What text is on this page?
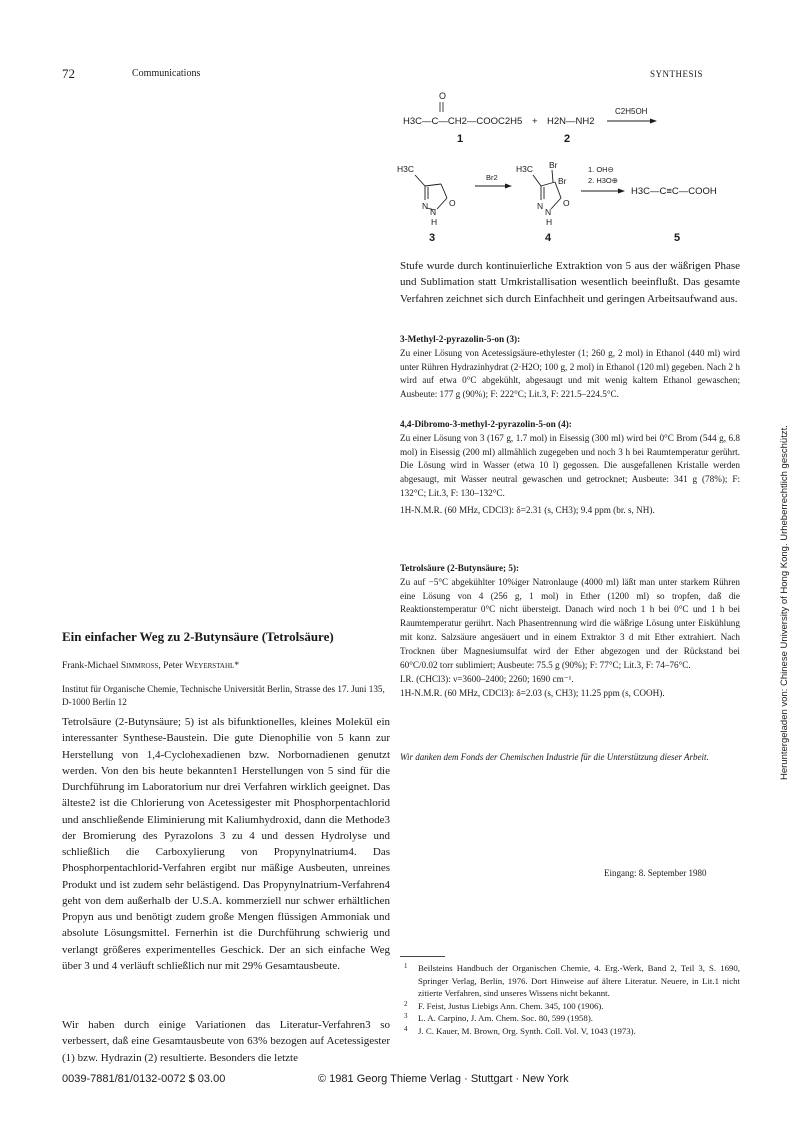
72	Communications	SYNTHESIS
O
H3C—C—CH2—COOC2H5 + H2N—NH2
C2H5OH
1	2
H3C
N
N
O
H
3
Br2
H3C Br
Br
N
N
O
H
4
1. OH⊖
2. H3O⊕
H3C—C≡C—COOH
5
Stufe wurde durch kontinuierliche Extraktion von 5 aus der wäßrigen Phase und Sublimation statt Umkristallisation wesentlich beeinflußt. Das gesamte Verfahren zeichnet sich durch Einfachheit und geringen Arbeitsaufwand aus.
3-Methyl-2-pyrazolin-5-on (3):

Zu einer Lösung von Acetessigsäure-ethylester (1; 260 g, 2 mol) in Ethanol (440 ml) wird unter Rühren Hydrazinhydrat (2·H2O; 100 g, 2 mol) in Ethanol (120 ml) gegeben. Nach 2 h wird auf etwa 0°C abgekühlt, abgesaugt und mit wenig kaltem Ethanol gewaschen; Ausbeute: 177 g (90%); F: 222°C; Lit.3, F: 221.5–224.5°C.

4,4-Dibromo-3-methyl-2-pyrazolin-5-on (4):

Zu einer Lösung von 3 (167 g, 1.7 mol) in Eisessig (300 ml) wird bei 0°C Brom (544 g, 6.8 mol) in Eisessig (200 ml) allmählich zugegeben und noch 3 h bei Raumtemperatur gerührt. Die Lösung wird in Wasser (etwa 10 l) gegossen. Die ausgefallenen Kristalle werden abgesaugt, mit Wasser neutral gewaschen und getrocknet; Ausbeute: 341 g (78%); F: 132°C; Lit.3, F: 130–132°C.

1H-N.M.R. (60 MHz, CDCl3): δ=2.31 (s, CH3); 9.4 ppm (br. s, NH).

Tetrolsäure (2-Butynsäure; 5):

Zu auf −5°C abgekühlter 10%iger Natronlauge (4000 ml) läßt man unter starkem Rühren eine Lösung von 4 (256 g, 1 mol) in Ether (1200 ml) so tropfen, daß die Reaktionstemperatur 0°C nicht übersteigt. Danach wird noch 1 h bei 0°C und 1 h bei Raumtemperatur gerührt. Nach Phasentrennung wird die wäßrige Lösung unter Eiskühlung mit konz. Salzsäure angesäuert und in einem Extraktor 3 d mit Ether extrahiert. Nach Trocknen über Magnesiumsulfat wird der Ether abgezogen und der Rückstand bei 60°C/0.02 torr sublimiert; Ausbeute: 75.5 g (90%); F: 77°C; Lit.3, F: 74–76°C.

I.R. (CHCl3): ν=3600–2400; 2260; 1690 cm⁻¹.

1H-N.M.R. (60 MHz, CDCl3): δ=2.03 (s, CH3); 11.25 ppm (s, COOH).

Wir danken dem Fonds der Chemischen Industrie für die Unterstützung dieser Arbeit.
Eingang: 8. September 1980

1 Beilsteins Handbuch der Organischen Chemie, 4. Erg.-Werk, Band 2, Teil 3, S. 1690, Springer Verlag, Berlin, 1976. Dort Hinweise auf ältere Literatur. Neuere, in Lit.1 nicht zitierte Verfahren, sind unseres Wissens nicht bekannt.

2 F. Feist, Justus Liebigs Ann. Chem. 345, 100 (1906).

3 L. A. Carpino, J. Am. Chem. Soc. 80, 599 (1958).

4 J. C. Kauer, M. Brown, Org. Synth. Coll. Vol. V, 1043 (1973).

Ein einfacher Weg zu 2-Butynsäure (Tetrolsäure)
Frank-Michael Simmross, Peter Weyerstahl*
Institut für Organische Chemie, Technische Universität Berlin, Strasse des 17. Juni 135, D-1000 Berlin 12
Tetrolsäure (2-Butynsäure; 5) ist als bifunktionelles, kleines Molekül ein interessanter Synthese-Baustein. Die gute Dienophilie von 5 kann zur Herstellung von 1,4-Cyclohexadienen bzw. Norbornadienen genutzt werden. Von den bis heute bekannten1 Herstellungen von 5 sind für die Durchführung im Laboratorium nur drei Verfahren wirklich geeignet. Das älteste2 ist die Chlorierung von Acetessigester mit Phosphorpentachlorid und anschließende Eliminierung mit Kaliumhydroxid, dann die Methode3 der Bromierung des Pyrazolons 3 zu 4 und dessen Hydrolyse und schließlich die Carboxylierung von Propynylnatrium4. Das Phosphorpentachlorid-Verfahren ergibt nur mäßige Ausbeuten, unreines Produkt und ist zudem sehr belästigend. Das Propynylnatrium-Verfahren4 geht von dem außerhalb der U.S.A. kommerziell nur schwer erhältlichen Propyn aus und benötigt zudem große Mengen flüssigen Ammoniak und absolute Lösungsmittel. Fernerhin ist die Durchführung schwierig und verlangt größeres experimentelles Geschick. Der an sich einfache Weg über 3 und 4 verläuft schließlich nur mit 29% Gesamtausbeute.
Wir haben durch einige Variationen das Literatur-Verfahren3 so verbessert, daß eine Gesamtausbeute von 63% bezogen auf Acetessigester (1) bzw. Hydrazin (2) resultierte. Besonders die letzte
0039-7881/81/0132-0072 $ 03.00	© 1981 Georg Thieme Verlag · Stuttgart · New York
Heruntergeladen von: Chinese University of Hong Kong. Urheberrechtlich geschützt.
